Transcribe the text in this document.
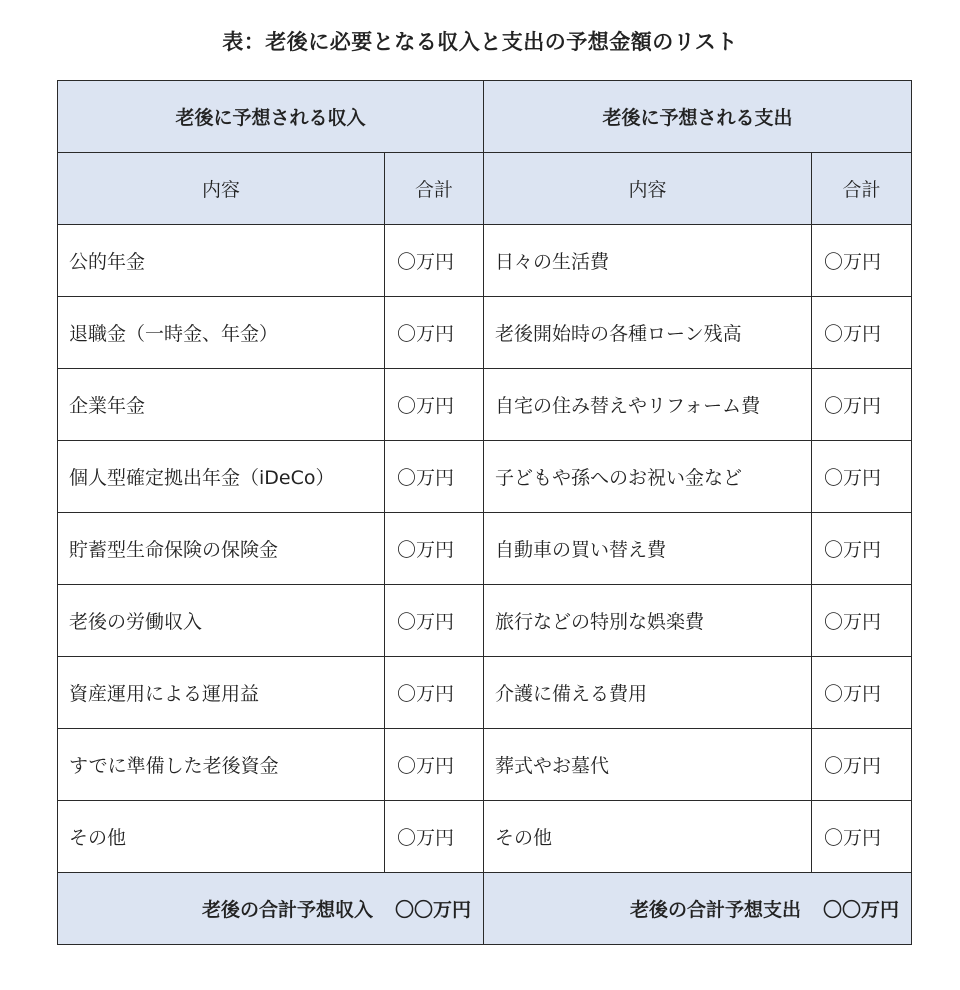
表：老後に必要となる収入と支出の予想金額のリスト
老後に予想される収入		老後に予想される支出	
内容	合計	内容	合計
公的年金	〇万円	日々の生活費	〇万円
退職金（一時金、年金）	〇万円	老後開始時の各種ローン残高	〇万円
企業年金	〇万円	自宅の住み替えやリフォーム費	〇万円
個人型確定拠出年金（iDeCo）	〇万円	子どもや孫へのお祝い金など	〇万円
貯蓄型生命保険の保険金	〇万円	自動車の買い替え費	〇万円
老後の労働収入	〇万円	旅行などの特別な娯楽費	〇万円
資産運用による運用益	〇万円	介護に備える費用	〇万円
すでに準備した老後資金	〇万円	葬式やお墓代	〇万円
その他	〇万円	その他	〇万円
老後の合計予想収入 〇〇万円		老後の合計予想支出 〇〇万円	
